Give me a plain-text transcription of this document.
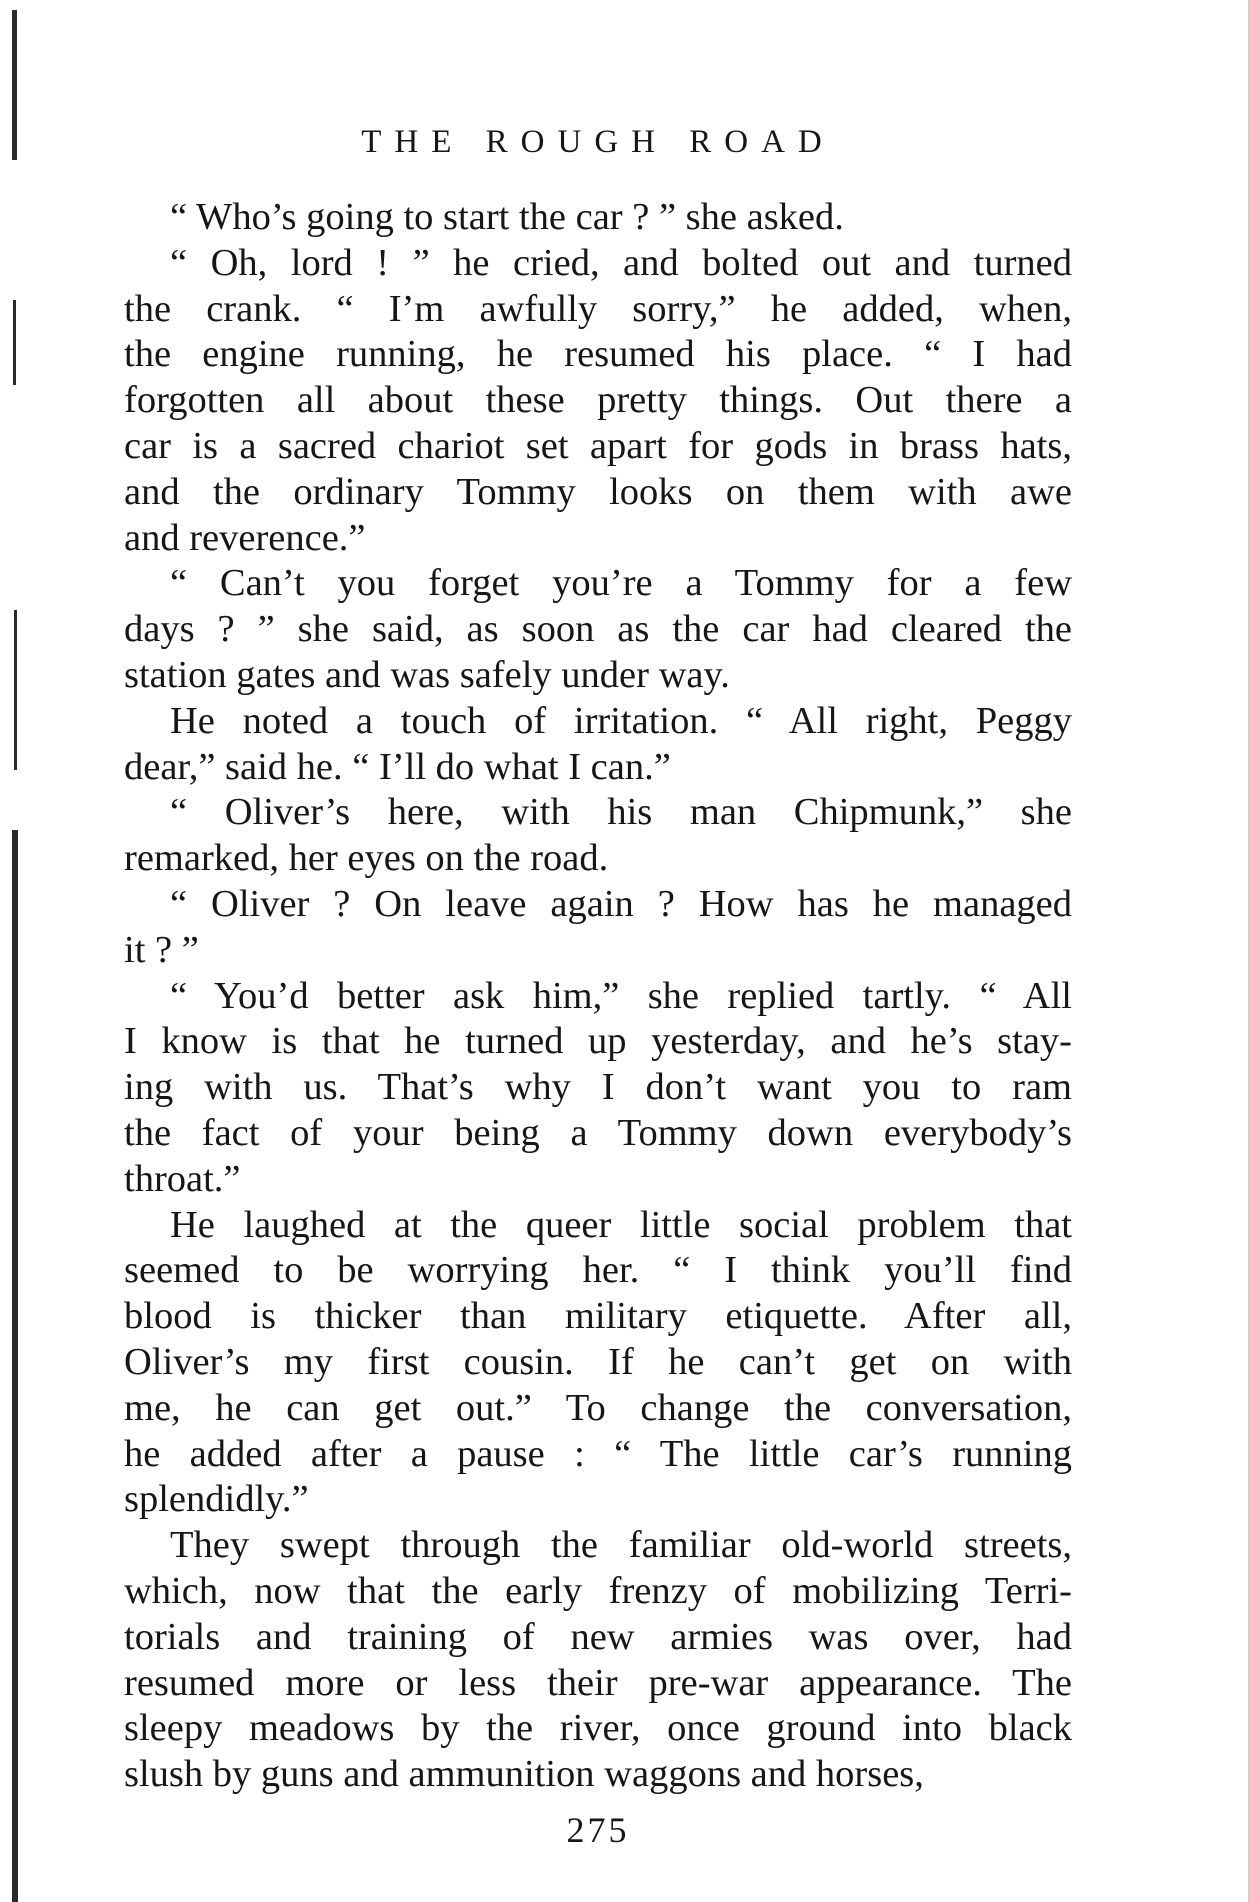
THE ROUGH ROAD
“ Who’s going to start the car ? ” she asked.
“ Oh, lord ! ” he cried, and bolted out and turned
the crank. “ I’m awfully sorry,” he added, when,
the engine running, he resumed his place. “ I had
forgotten all about these pretty things. Out there a
car is a sacred chariot set apart for gods in brass hats,
and the ordinary Tommy looks on them with awe
and reverence.”
“ Can’t you forget you’re a Tommy for a few
days ? ” she said, as soon as the car had cleared the
station gates and was safely under way.
He noted a touch of irritation. “ All right, Peggy
dear,” said he. “ I’ll do what I can.”
“ Oliver’s here, with his man Chipmunk,” she
remarked, her eyes on the road.
“ Oliver ? On leave again ? How has he managed
it ? ”
“ You’d better ask him,” she replied tartly. “ All
I know is that he turned up yesterday, and he’s stay-
ing with us. That’s why I don’t want you to ram
the fact of your being a Tommy down everybody’s
throat.”
He laughed at the queer little social problem that
seemed to be worrying her. “ I think you’ll find
blood is thicker than military etiquette. After all,
Oliver’s my first cousin. If he can’t get on with
me, he can get out.” To change the conversation,
he added after a pause : “ The little car’s running
splendidly.”
They swept through the familiar old-world streets,
which, now that the early frenzy of mobilizing Terri-
torials and training of new armies was over, had
resumed more or less their pre-war appearance. The
sleepy meadows by the river, once ground into black
slush by guns and ammunition waggons and horses,
275
